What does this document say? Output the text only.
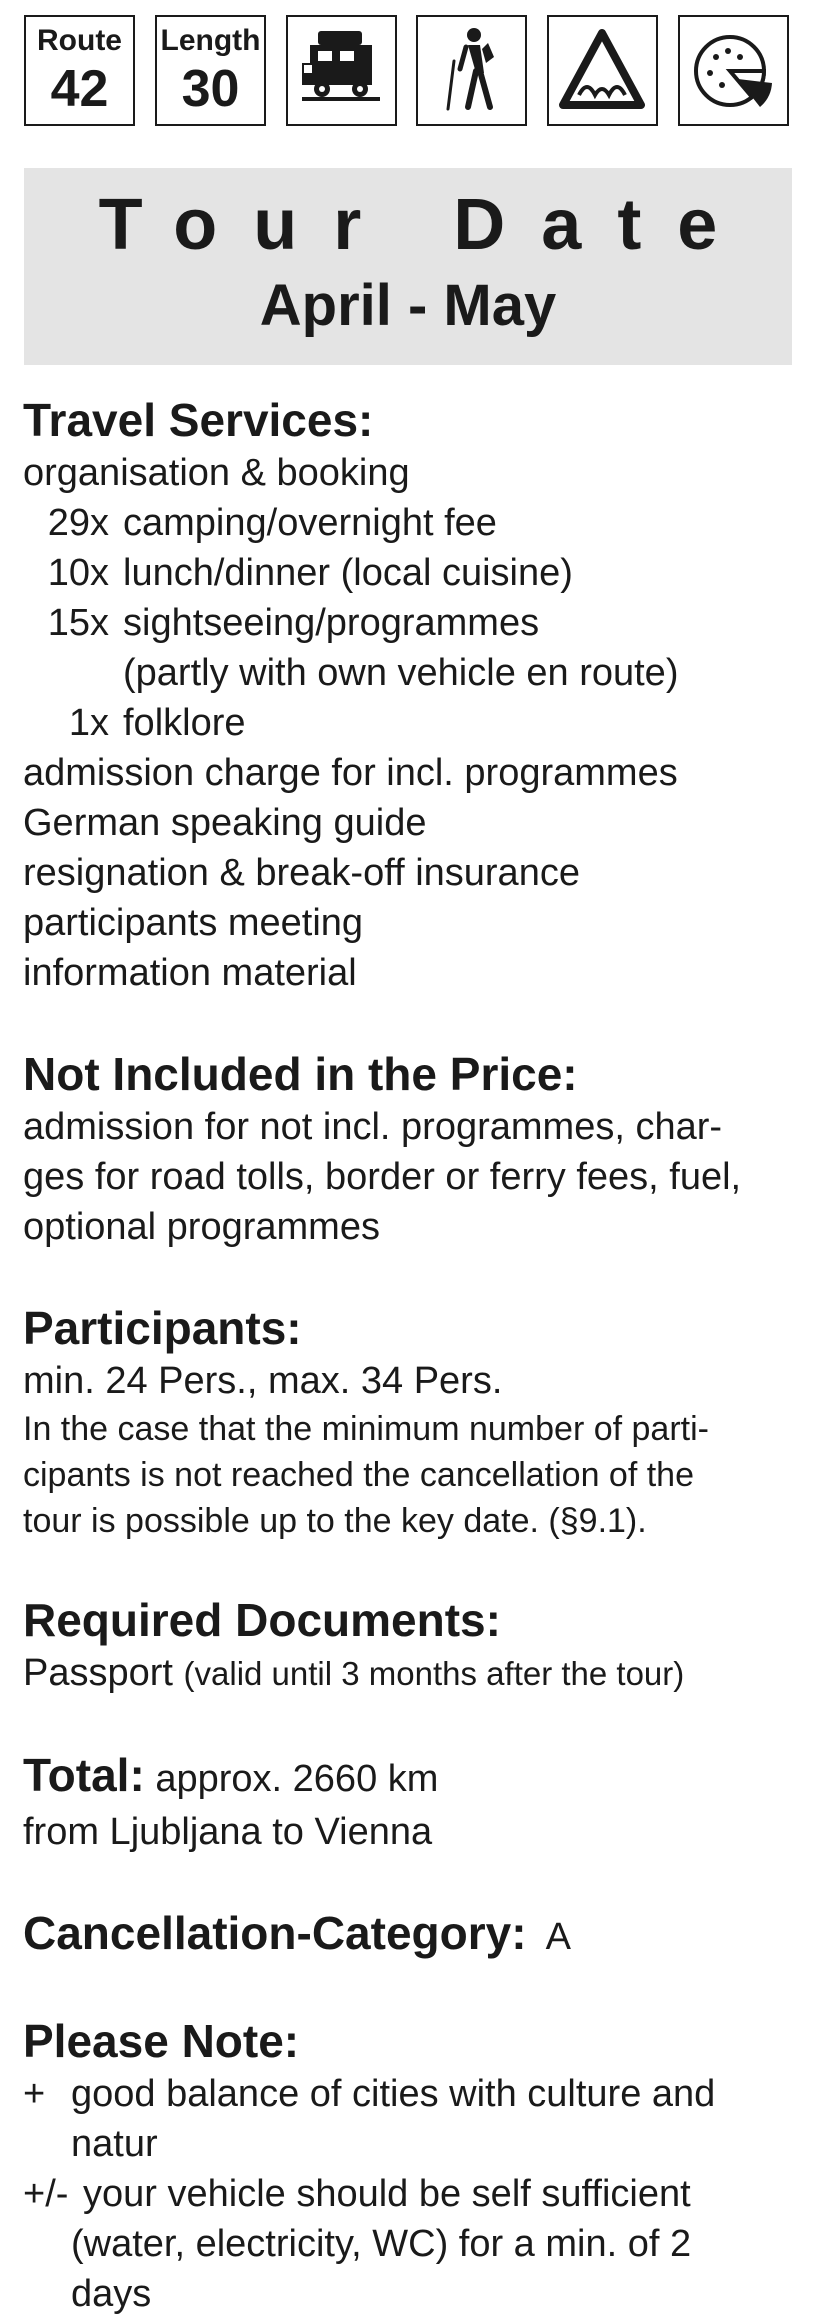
Route
42
Length
30
Tour Date
April - May

Travel Services:

organisation & booking

29x camping/overnight fee
10x lunch/dinner (local cuisine)
15x sightseeing/programmes
(partly with own vehicle en route)
1x folklore

admission charge for incl. programmes

German speaking guide

resignation & break-off insurance

participants meeting

information material

Not Included in the Price:

admission for not incl. programmes, char-

ges for road tolls, border or ferry fees, fuel,

optional programmes

Participants:

min. 24 Pers., max. 34 Pers.

In the case that the minimum number of parti-

cipants is not reached the cancellation of the

tour is possible up to the key date. (§9.1).

Required Documents:

Passport (valid until 3 months after the tour)

Total: approx. 2660 km

from Ljubljana to Vienna

Cancellation-Category: A

Please Note:

+ good balance of cities with culture and
natur
+/- your vehicle should be self sufficient
(water, electricity, WC) for a min. of 2
days
